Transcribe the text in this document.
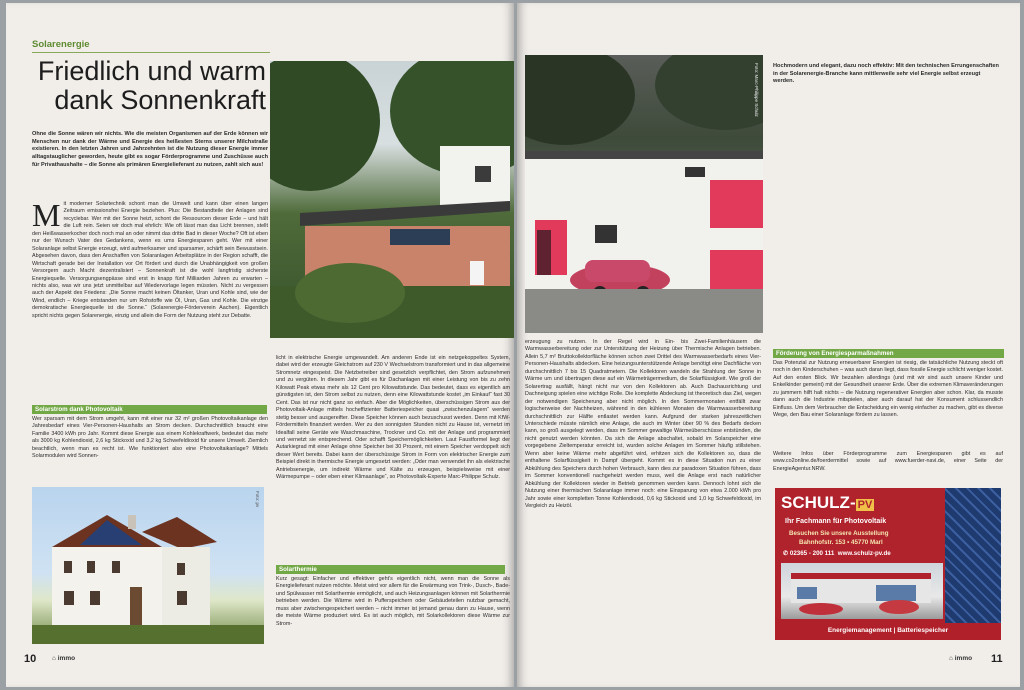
Solarenergie
Friedlich und warm
dank Sonnenkraft
Ohne die Sonne wären wir nichts. Wie die meisten Organismen auf der Erde können wir Menschen nur dank der Wärme und Energie des heißesten Sterns unserer Milchstraße existieren. In den letzten Jahren und Jahrzehnten ist die Nutzung dieser Energie immer alltagstauglicher geworden, heute gibt es sogar Förderprogramme und Zuschüsse auch für Privathaushalte – die Sonne als primären Energielieferant zu nutzen, zahlt sich aus!
Mit moderner Solartechnik schont man die Umwelt und kann über einen langen Zeitraum emissionsfrei Energie beziehen. Plus: Die Bestandteile der Anlagen sind recyclebar. Wer mit der Sonne heizt, schont die Ressourcen dieser Erde – und hält die Luft rein. Seien wir doch mal ehrlich: Wie oft lässt man das Licht brennen, stellt den Heißwasserkocher doch noch mal an oder nimmt das dritte Bad in dieser Woche? Oft ist eben nur der Wunsch Vater des Gedankens, wenn es ums Energiesparen geht. Wer mit einer Solaranlage selbst Energie erzeugt, wird aufmerksamer und sparsamer, schärft sein Bewusstsein. Abgesehen davon, dass den Anschaffen von Solaranlagen Arbeitsplätze in der Region schafft, die Wirtschaft gerade bei der Installation vor Ort fördert und durch die Unabhängigkeit von großen Versorgern auch Macht dezentralisiert – Sonnenkraft ist die wohl langfristig sicherste Energiequelle. Versorgungsengpässe sind erst in knapp fünf Milliarden Jahren zu erwarten – nichts also, was wir uns jetzt unmittelbar auf Wiedervorlage legen müssten. Nicht zu vergessen auch der Aspekt des Friedens: „Die Sonne macht keinen Öltanker, Uran und Kohle sind, wie der Wind, endlich – Kriege entstanden nur um Rohstoffe wie Öl, Uran, Gas und Kohle. Die einzige demokratische Energiequelle ist die Sonne.“ (Solarenergie-Förderverein Aachen). Eigentlich spricht nichts gegen Solarenergie, einzig und allein die Form der Nutzung steht zur Debatte.
Solarstrom dank Photovoltaik
Wer sparsam mit dem Strom umgeht, kann mit einer nur 32 m² großen Photovoltaikanlage den Jahresbedarf eines Vier-Personen-Haushalts an Strom decken. Durchschnittlich braucht eine Familie 3400 kWh pro Jahr. Kommt diese Energie aus einem Kohlekraftwerk, bedeutet das mehr als 3000 kg Kohlendioxid, 2,6 kg Stickoxid und 3,2 kg Schwefeldioxid für unsere Umwelt. Ziemlich beachtlich, wenn man es recht ist. Wie funktioniert also eine Photovoltaikanlage? Mittels Solarmodulen wird Sonnen-
Foto: pv
10 ⌂ immo
licht in elektrische Energie umgewandelt. Am anderen Ende ist ein netzgekoppeltes System, dabei wird der erzeugte Gleichstrom auf 230 V Wechselstrom transformiert und in das allgemeine Stromnetz eingespeist. Die Netzbetreiber sind gesetzlich verpflichtet, den Strom aufzunehmen und zu vergüten. In diesem Jahr gibt es für Dachanlagen mit einer Leistung von bis zu zehn Kilowatt Peak etwas mehr als 12 Cent pro Kilowattstunde. Das bedeutet, dass es eigentlich am günstigsten ist, den Strom selbst zu nutzen, denn eine Kilowattstunde kostet „im Einkauf“ fast 30 Cent. Das ist nur nicht ganz so einfach. Aber die Möglichkeiten, überschüssigen Strom aus der Photovoltaik-Anlage mittels hocheffizienter Batteriespeicher quasi „zwischenzulagern“ werden stetig besser und ausgereifter. Diese Speicher können auch bezuschusst werden. Denn mit KfW-Fördermitteln finanziert werden. Wer zu den sonnigsten Stunden nicht zu Hause ist, vernetzt im Idealfall seine Geräte wie Waschmaschine, Trockner und Co. mit der Anlage und programmiert und vernetzt sie entsprechend. Oder schafft Speichermöglichkeiten. Laut Faustformel liegt der Autarkiegrad mit einer Anlage ohne Speicher bei 30 Prozent, mit einem Speicher verdoppelt sich dieser Wert bereits. Dabei kann der überschüssige Strom in Form von elektrischer Energie zum Beispiel direkt in thermische Energie umgesetzt werden: „Oder man verwendet ihn als elektrische Antriebsenergie, um indirekt Wärme und Kälte zu erzeugen, beispielsweise mit einer Wärmepumpe – oder eben einer Klimaanlage“, so Photovoltaik-Experte Marc-Philippe Schulz.
Solarthermie
Kurz gesagt: Einfacher und effektiver geht’s eigentlich nicht, wenn man die Sonne als Energielieferant nutzen möchte. Meist wird vor allem für die Erwärmung von Trink-, Dusch-, Bade- und Spülwasser mit Solarthermie ermöglicht, und auch Heizungsanlagen können mit Solarthermie betrieben werden. Die Wärme wird in Pufferspeichern oder Gebäudeteilen nutzbar gemacht, muss aber zwischengespeichert werden – nicht immer ist jemand genau dann zu Hause, wenn die meiste Wärme produziert wird. Es ist auch möglich, mit Solarkollektoren diese Wärme zur Strom-
Foto: Marc-Philippe Schulz	Hochmodern und elegant, dazu noch effektiv: Mit den technischen Errungenschaften in der Solarenergie-Branche kann mittlerweile sehr viel Energie selbst erzeugt werden.
erzeugung zu nutzen. In der Regel wird in Ein- bis Zwei-Familienhäusern die Warmwasserbereitung oder zur Unterstützung der Heizung über Thermische Anlagen betrieben. Allein 5,7 m² Bruttokollektorfläche können schon zwei Drittel des Warmwasserbedarfs eines Vier-Personen-Haushalts abdecken. Eine heizungsunterstützende Anlage benötigt eine Dachfläche von durchschnittlich 7 bis 15 Quadratmetern. Die Kollektoren wandeln die Strahlung der Sonne in Wärme um und übertragen diese auf ein Wärmeträgermedium, die Solarflüssigkeit. Wie groß der Solarertrag ausfällt, hängt nicht nur von den Kollektoren ab. Auch Dachausrichtung und Dachneigung spielen eine wichtige Rolle. Die komplette Abdeckung ist theoretisch das Ziel, wegen der notwendigen Speicherung aber nicht möglich. In den Sommermonaten entfällt zwar logischerweise der Nachheizen, während in den kühleren Monaten die Warmwasserbereitung durchschnittlich zur Hälfte entlastet werden kann. Aufgrund der starken jahreszeitlichen Unterschiede müsste nämlich eine Anlage, die auch im Winter über 90 % des Bedarfs decken kann, so groß ausgelegt werden, dass im Sommer gewaltige Wärmeüberschüsse entstünden, die nicht genutzt werden könnten. Da sich die Anlage abschaltet, sobald im Solarspeicher eine vorgegebene Zieltemperatur erreicht ist, wurden solche Anlagen im Sommer häufig stillstehen. Wenn aber keine Wärme mehr abgeführt wird, erhitzen sich die Kollektoren so, dass die enthaltene Solarflüssigkeit in Dampf übergeht. Kommt es in diese Situation nun zu einer Abkühlung des Speichers durch hohen Verbrauch, kann dies zur paradoxen Situation führen, dass im Sommer konventionell nachgeheizt werden muss, weil die Anlage erst nach natürlicher Abkühlung der Kollektoren wieder in Betrieb genommen werden kann. Dennoch lohnt sich die Nutzung einer thermischen Solaranlage immer noch: eine Einsparung von etwa 2.000 kWh pro Jahr sowie einer kompletten Tonne Kohlendioxid, 0,6 kg Stickoxid und 1,0 kg Schwefeldioxid, im Vergleich zu Heizöl.
Förderung von Energiesparmaßnahmen
Das Potenzial zur Nutzung erneuerbarer Energien ist riesig, die tatsächliche Nutzung steckt oft noch in den Kinderschuhen – was auch daran liegt, dass fossile Energie schlicht weniger kostet. Auf den ersten Blick. Wir bezahlen allerdings (und mit wir sind auch unsere Kinder und Enkelkinder gemeint) mit der Gesundheit unserer Erde. Über die extremen Klimaveränderungen zu jammern hilft halt nichts – die Nutzung regenerativer Energien aber schon. Klar, da musste dann auch die Industrie mitspielen, aber auch darauf hat der Konsument schlussendlich Einfluss. Um dem Verbraucher die Entscheidung ein wenig einfacher zu machen, gibt es diverse Wege, den Bau einer Solaranlage fördern zu lassen.
Weitere Infos über Förderprogramme zum Energiesparen gibt es auf www.co2online.de/foerdermittel sowie auf www.fuerder-navi.de, einer Seite der EnergieAgentur.NRW.
SCHULZ- PV
Ihr Fachmann für Photovoltaik
Besuchen Sie unsere Ausstellung
Bahnhofstr. 153 • 45770 Marl
✆ 02365 - 200 111 www.schulz-pv.de
Energiemanagement | Batteriespeicher
11
⌂ immo
